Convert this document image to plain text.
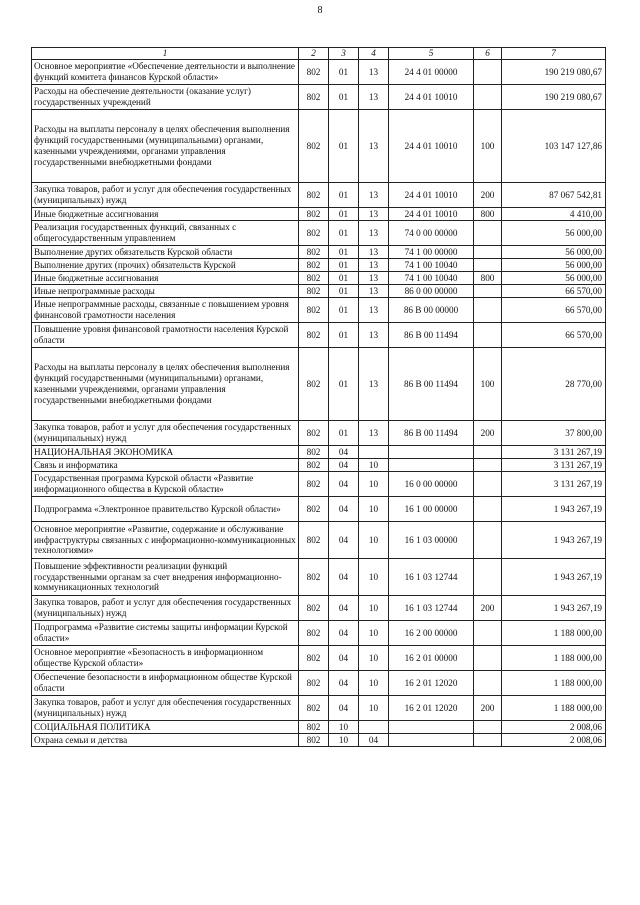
8
1	2	3	4	5	6	7
Основное мероприятие «Обеспечение деятельности и выполнение функций комитета финансов Курской области»	802	01	13	24 4 01 00000		190 219 080,67
Расходы на обеспечение деятельности (оказание услуг) государственных учреждений	802	01	13	24 4 01 10010		190 219 080,67
Расходы на выплаты персоналу в целях обеспечения выполнения функций государственными (муниципальными) органами, казенными учреждениями, органами управления государственными внебюджетными фондами	802	01	13	24 4 01 10010	100	103 147 127,86
Закупка товаров, работ и услуг для обеспечения государственных (муниципальных) нужд	802	01	13	24 4 01 10010	200	87 067 542,81
Иные бюджетные ассигнования	802	01	13	24 4 01 10010	800	4 410,00
Реализация государственных функций, связанных с общегосударственным управлением	802	01	13	74 0 00 00000		56 000,00
Выполнение других обязательств Курской области	802	01	13	74 1 00 00000		56 000,00
Выполнение других (прочих) обязательств Курской	802	01	13	74 1 00 10040		56 000,00
Иные бюджетные ассигнования	802	01	13	74 1 00 10040	800	56 000,00
Иные непрограммные расходы	802	01	13	86 0 00 00000		66 570,00
Иные непрограммные расходы, связанные с повышением уровня финансовой грамотности населения	802	01	13	86 В 00 00000		66 570,00
Повышение уровня финансовой грамотности населения Курской области	802	01	13	86 В 00 11494		66 570,00
Расходы на выплаты персоналу в целях обеспечения выполнения функций государственными (муниципальными) органами, казенными учреждениями, органами управления государственными внебюджетными фондами	802	01	13	86 В 00 11494	100	28 770,00
Закупка товаров, работ и услуг для обеспечения государственных (муниципальных) нужд	802	01	13	86 В 00 11494	200	37 800,00
НАЦИОНАЛЬНАЯ ЭКОНОМИКА	802	04				3 131 267,19
Связь и информатика	802	04	10			3 131 267,19
Государственная программа Курской области «Развитие информационного общества в Курской области»	802	04	10	16 0 00 00000		3 131 267,19
Подпрограмма «Электронное правительство Курской области»	802	04	10	16 1 00 00000		1 943 267,19
Основное мероприятие «Развитие, содержание и обслуживание инфраструктуры связанных с информационно-коммуникационных технологиями»	802	04	10	16 1 03 00000		1 943 267,19
Повышение эффективности реализации функций государственными органам за счет внедрения информационно-коммуникационных технологий	802	04	10	16 1 03 12744		1 943 267,19
Закупка товаров, работ и услуг для обеспечения государственных (муниципальных) нужд	802	04	10	16 1 03 12744	200	1 943 267,19
Подпрограмма «Развитие системы защиты информации Курской области»	802	04	10	16 2 00 00000		1 188 000,00
Основное мероприятие «Безопасность в информационном обществе Курской области»	802	04	10	16 2 01 00000		1 188 000,00
Обеспечение безопасности в информационном обществе Курской области	802	04	10	16 2 01 12020		1 188 000,00
Закупка товаров, работ и услуг для обеспечения государственных (муниципальных) нужд	802	04	10	16 2 01 12020	200	1 188 000,00
СОЦИАЛЬНАЯ ПОЛИТИКА	802	10				2 008,06
Охрана семьи и детства	802	10	04			2 008,06
